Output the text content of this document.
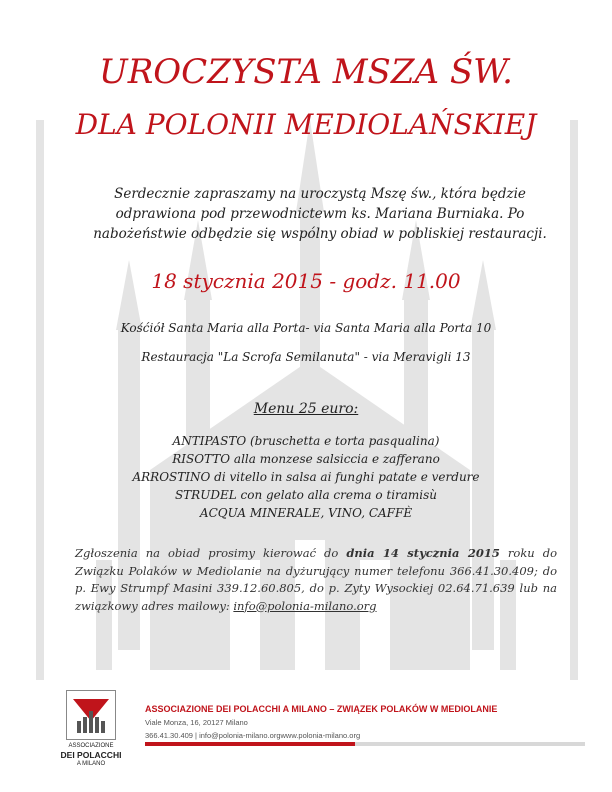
UROCZYSTA MSZA ŚW.
DLA POLONII MEDIOLAŃSKIEJ
Serdecznie zapraszamy na uroczystą Mszę św., która będzie odprawiona pod przewodnictewm ks. Mariana Burniaka. Po nabożeństwie odbędzie się wspólny obiad w pobliskiej restauracji.
18 stycznia 2015 - godz. 11.00
Kośćiół Santa Maria alla Porta- via Santa Maria alla Porta 10
Restauracja "La Scrofa Semilanuta" - via Meravigli 13
Menu 25 euro:
ANTIPASTO (bruschetta e torta pasqualina)
RISOTTO alla monzese salsiccia e zafferano
ARROSTINO di vitello in salsa ai funghi patate e verdure
STRUDEL con gelato alla crema o tiramisù
ACQUA MINERALE, VINO, CAFFÈ
Zgłoszenia na obiad prosimy kierować do dnia 14 stycznia 2015 roku do Związku Polaków w Mediolanie na dyżurujący numer telefonu 366.41.30.409; do p. Ewy Strumpf Masini 339.12.60.805, do p. Zyty Wysockiej 02.64.71.639 lub na związkowy adres mailowy: info@polonia-milano.org
ASSOCIAZIONE
DEI POLACCHI
A MILANO
ASSOCIAZIONE DEI POLACCHI A MILANO – ZWIĄZEK POLAKÓW W MEDIOLANIE
Viale Monza, 16, 20127 Milano
366.41.30.409 | info@polonia-milano.orgwww.polonia-milano.org
